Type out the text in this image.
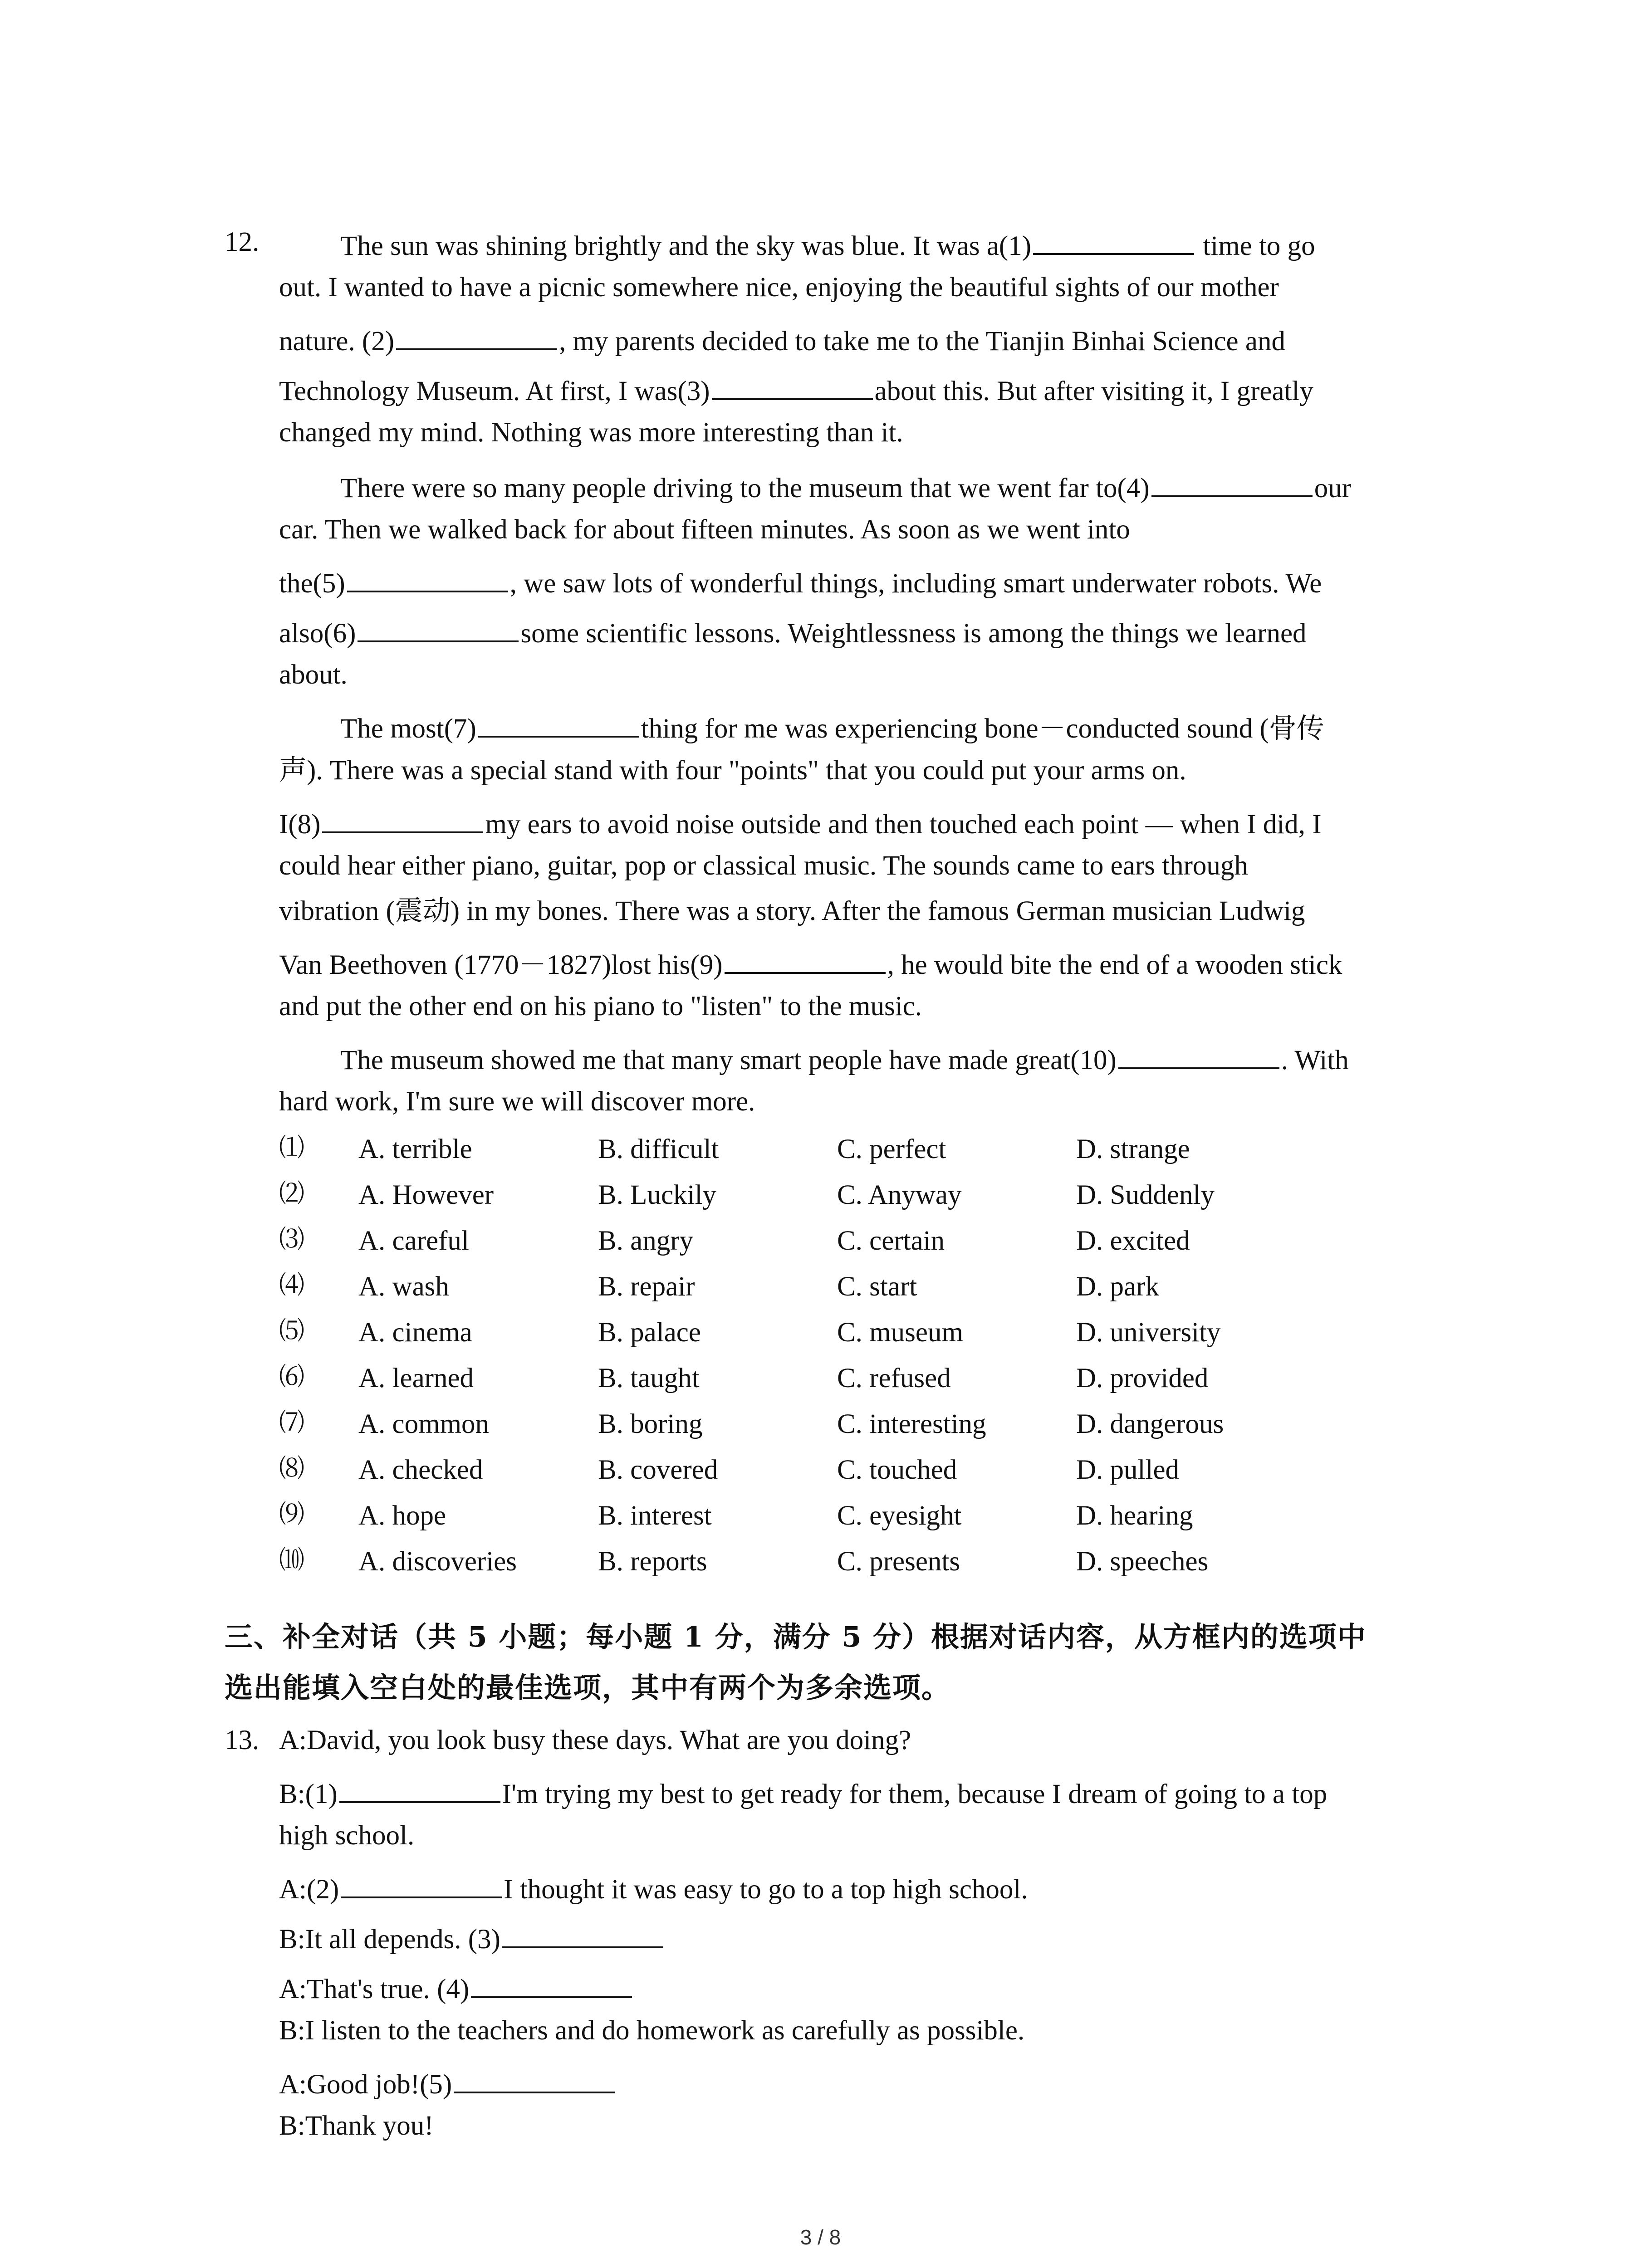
12.	The sun was shining brightly and the sky was blue. It was a(1)	time to go
out. I wanted to have a picnic somewhere nice, enjoying the beautiful sights of our mother
nature. (2)	, my parents decided to take me to the Tianjin Binhai Science and
Technology Museum. At first, I was(3)	about this. But after visiting it, I greatly
changed my mind. Nothing was more interesting than it.
There were so many people driving to the museum that we went far to(4)	our
car. Then we walked back for about fifteen minutes. As soon as we went into
the(5)	, we saw lots of wonderful things, including smart underwater robots. We
also(6)	some scientific lessons. Weightlessness is among the things we learned
about.
The most(7)	thing for me was experiencing bone－conducted sound (骨传
声). There was a special stand with four "points" that you could put your arms on.
I(8)	my ears to avoid noise outside and then touched each point — when I did, I
could hear either piano, guitar, pop or classical music. The sounds came to ears through
vibration (震动) in my bones. There was a story. After the famous German musician Ludwig
Van Beethoven (1770－1827)lost his(9)	, he would bite the end of a wooden stick
and put the other end on his piano to "listen" to the music.
The museum showed me that many smart people have made great(10)	. With
hard work, I'm sure we will discover more.
⑴ A. terrible	B. difficult	C. perfect	D. strange
⑵ A. However	B. Luckily	C. Anyway	D. Suddenly
⑶ A. careful	B. angry	C. certain	D. excited
⑷ A. wash	B. repair	C. start	D. park
⑸ A. cinema	B. palace	C. museum	D. university
⑹ A. learned	B. taught	C. refused	D. provided
⑺ A. common	B. boring	C. interesting	D. dangerous
⑻ A. checked	B. covered	C. touched	D. pulled
⑼ A. hope	B. interest	C. eyesight	D. hearing
⑽ A. discoveries	B. reports	C. presents	D. speeches
三、补全对话（共 5 小题；每小题 1 分，满分 5 分）根据对话内容，从方框内的选项中
选出能填入空白处的最佳选项，其中有两个为多余选项。
13. A:David, you look busy these days. What are you doing?
B:(1)	I'm trying my best to get ready for them, because I dream of going to a top
high school.
A:(2)	I thought it was easy to go to a top high school.
B:It all depends. (3)
A:That's true. (4)
B:I listen to the teachers and do homework as carefully as possible.
A:Good job!(5)
B:Thank you!
3 / 8
